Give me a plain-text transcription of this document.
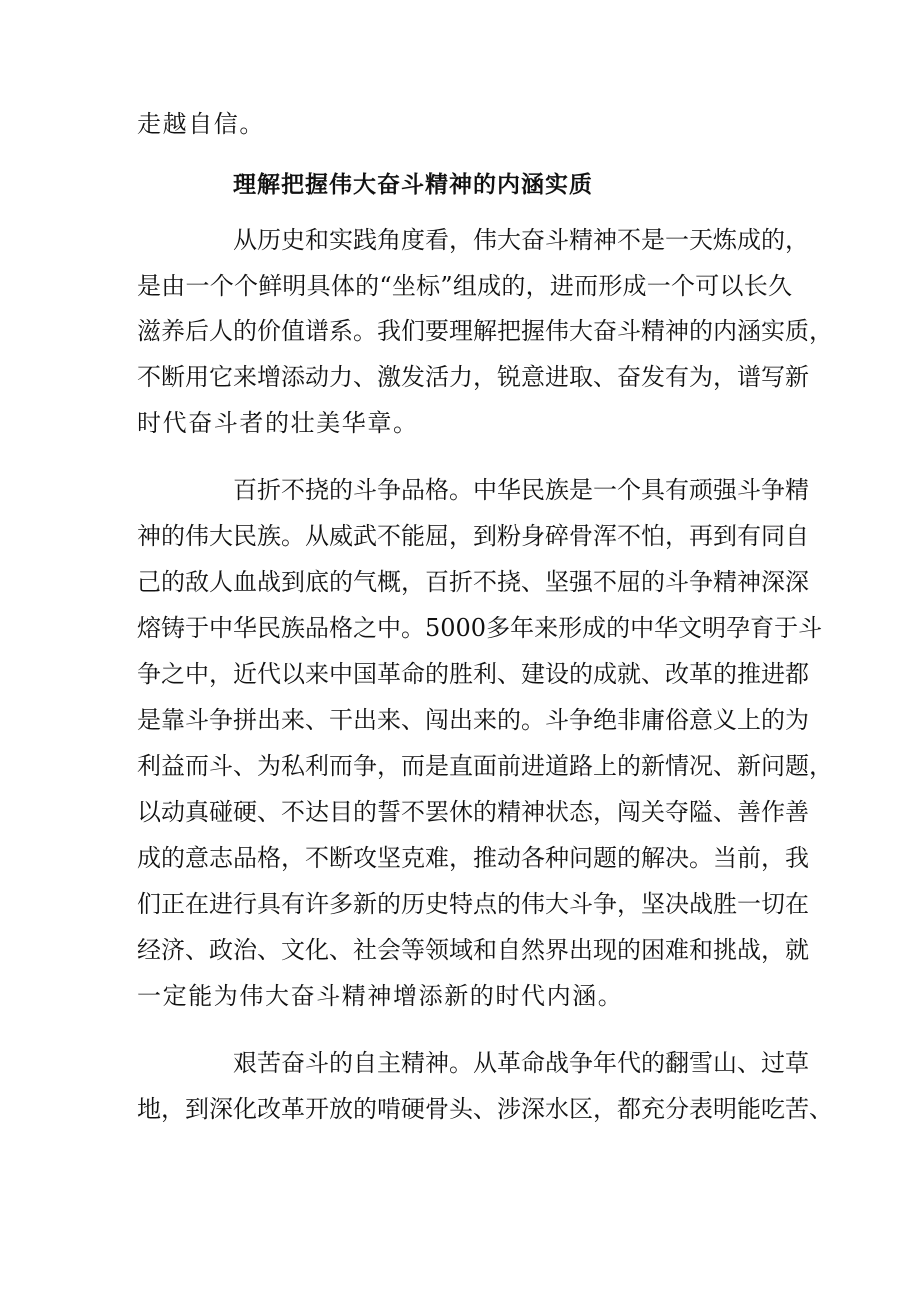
走越自信。
理解把握伟大奋斗精神的内涵实质
从历史和实践角度看，伟大奋斗精神不是一天炼成的，
是由一个个鲜明具体的“坐标”组成的，进而形成一个可以长久
滋养后人的价值谱系。我们要理解把握伟大奋斗精神的内涵实质，
不断用它来增添动力、激发活力，锐意进取、奋发有为，谱写新
时代奋斗者的壮美华章。
百折不挠的斗争品格。中华民族是一个具有顽强斗争精
神的伟大民族。从威武不能屈，到粉身碎骨浑不怕，再到有同自
己的敌人血战到底的气概，百折不挠、坚强不屈的斗争精神深深
熔铸于中华民族品格之中。5000多年来形成的中华文明孕育于斗
争之中，近代以来中国革命的胜利、建设的成就、改革的推进都
是靠斗争拼出来、干出来、闯出来的。斗争绝非庸俗意义上的为
利益而斗、为私利而争，而是直面前进道路上的新情况、新问题，
以动真碰硬、不达目的誓不罢休的精神状态，闯关夺隘、善作善
成的意志品格，不断攻坚克难，推动各种问题的解决。当前，我
们正在进行具有许多新的历史特点的伟大斗争，坚决战胜一切在
经济、政治、文化、社会等领域和自然界出现的困难和挑战，就
一定能为伟大奋斗精神增添新的时代内涵。
艰苦奋斗的自主精神。从革命战争年代的翻雪山、过草
地，到深化改革开放的啃硬骨头、涉深水区，都充分表明能吃苦、
